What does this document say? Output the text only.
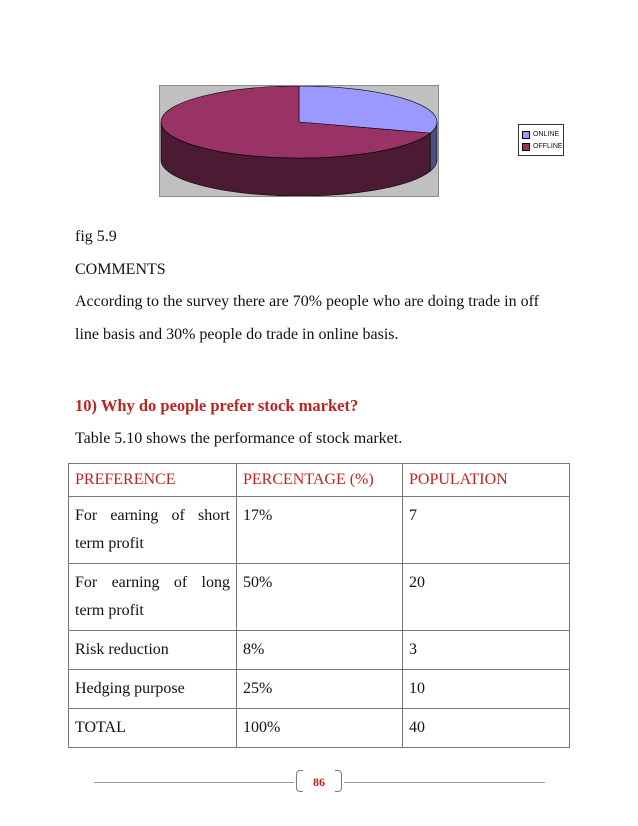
ONLINE
OFFLINE
fig 5.9
COMMENTS
According to the survey there are 70% people who are doing trade in off
line basis and 30% people do trade in online basis.
10) Why do people prefer stock market?
Table 5.10 shows the performance of stock market.
PREFERENCE	PERCENTAGE (%)	POPULATION
For earning of short term profit	17%	7
For earning of long term profit	50%	20
Risk reduction	8%	3
Hedging purpose	25%	10
TOTAL	100%	40
86
